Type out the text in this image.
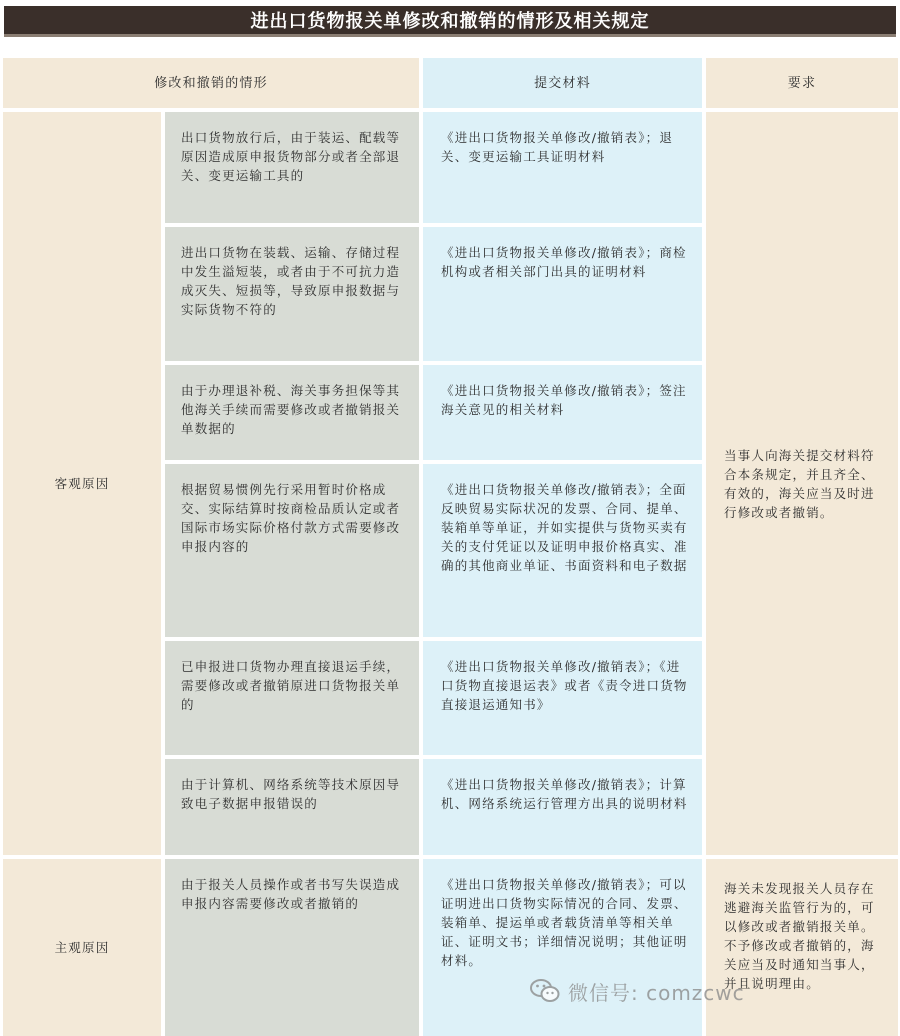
进出口货物报关单修改和撤销的情形及相关规定
修改和撤销的情形	提交材料	要求
客观原因
出口货物放行后，由于装运、配载等原因造成原申报货物部分或者全部退关、变更运输工具的
《进出口货物报关单修改/撤销表》；退关、变更运输工具证明材料
进出口货物在装载、运输、存储过程中发生溢短装，或者由于不可抗力造成灭失、短损等，导致原申报数据与实际货物不符的
《进出口货物报关单修改/撤销表》；商检机构或者相关部门出具的证明材料
由于办理退补税、海关事务担保等其他海关手续而需要修改或者撤销报关单数据的
《进出口货物报关单修改/撤销表》；签注海关意见的相关材料
根据贸易惯例先行采用暂时价格成交、实际结算时按商检品质认定或者国际市场实际价格付款方式需要修改申报内容的
《进出口货物报关单修改/撤销表》；全面反映贸易实际状况的发票、合同、提单、装箱单等单证，并如实提供与货物买卖有关的支付凭证以及证明申报价格真实、准确的其他商业单证、书面资料和电子数据
已申报进口货物办理直接退运手续，需要修改或者撤销原进口货物报关单的
《进出口货物报关单修改/撤销表》；《进口货物直接退运表》或者《责令进口货物直接退运通知书》
由于计算机、网络系统等技术原因导致电子数据申报错误的
《进出口货物报关单修改/撤销表》；计算机、网络系统运行管理方出具的说明材料
当事人向海关提交材料符合本条规定，并且齐全、有效的，海关应当及时进行修改或者撤销。
主观原因
由于报关人员操作或者书写失误造成申报内容需要修改或者撤销的
《进出口货物报关单修改/撤销表》；可以证明进出口货物实际情况的合同、发票、装箱单、提运单或者载货清单等相关单证、证明文书；详细情况说明；其他证明材料。
海关未发现报关人员存在逃避海关监管行为的，可以修改或者撤销报关单。不予修改或者撤销的，海关应当及时通知当事人，并且说明理由。
微信号: comzcwc
